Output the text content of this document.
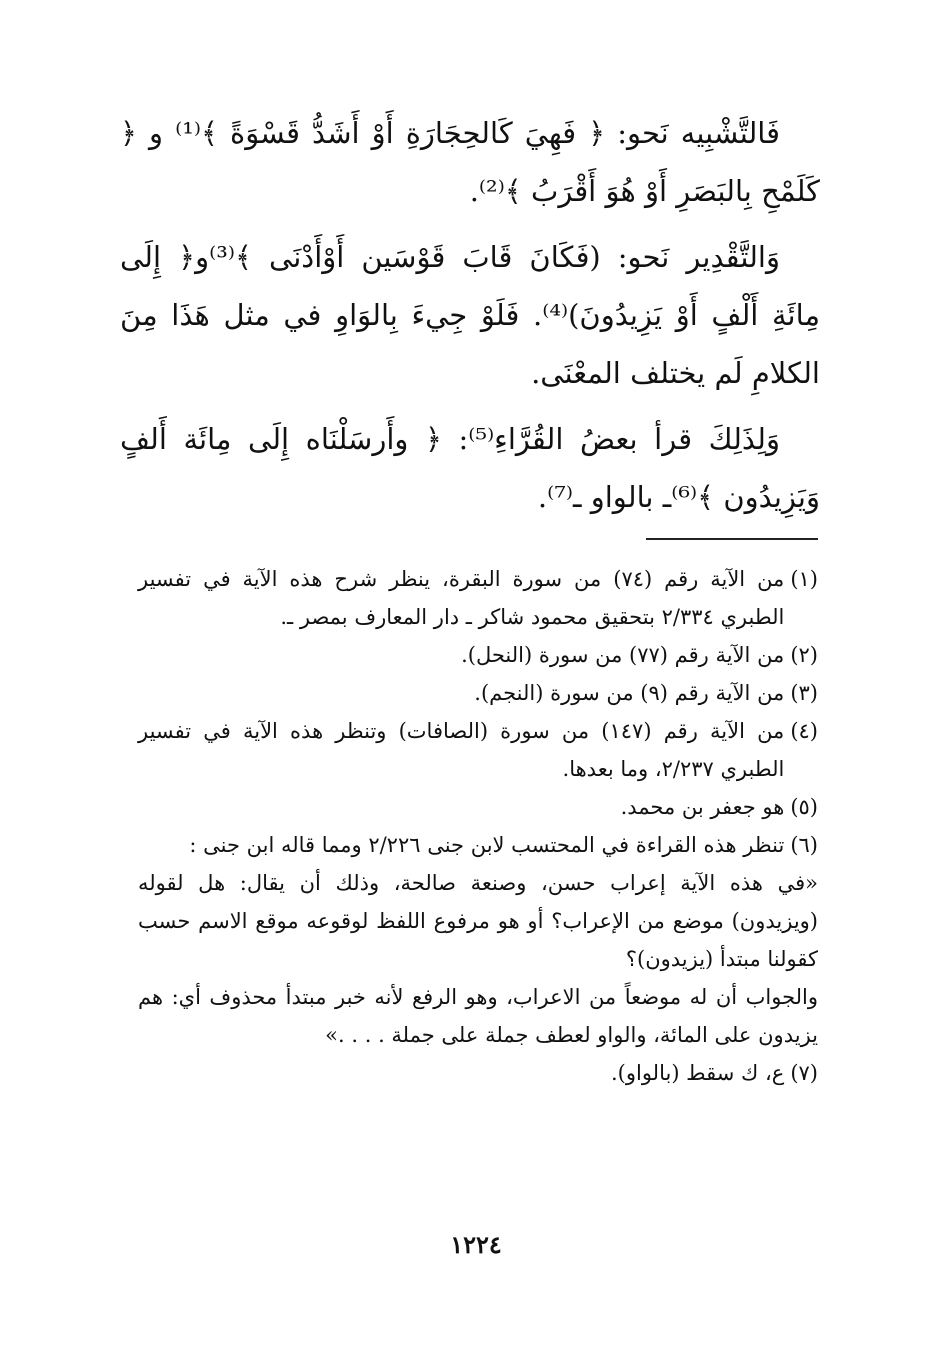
فَالتَّشْبِيه نَحو: ﴿ فَهِيَ كَالحِجَارَةِ أَوْ أَشَدُّ قَسْوَةً ﴾⁽¹⁾ و ﴿ كَلَمْحِ بِالبَصَرِ أَوْ هُوَ أَقْرَبُ ﴾⁽²⁾.

وَالتَّقْدِير نَحو: (فَكَانَ قَابَ قَوْسَين أَوْأَدْنَى ﴾⁽³⁾و﴿ إِلَى مِائَةِ أَلْفٍ أَوْ يَزِيدُونَ)⁽⁴⁾. فَلَوْ جِيءَ بِالوَاوِ في مثل هَذَا مِنَ الكلامِ لَم يختلف المعْنَى.

وَلِذَلِكَ قرأ بعضُ القُرَّاءِ⁽⁵⁾: ﴿ وأَرسَلْنَاه إِلَى مِائَة أَلفٍ وَيَزِيدُون ﴾⁽⁶⁾ـ بالواو ـ⁽⁷⁾.

(١)
من الآية رقم (٧٤) من سورة البقرة، ينظر شرح هذه الآية في تفسير الطبري ٢/٣٣٤ بتحقيق محمود شاكر ـ دار المعارف بمصر ـ.
(٢)
من الآية رقم (٧٧) من سورة (النحل).
(٣)
من الآية رقم (٩) من سورة (النجم).
(٤)
من الآية رقم (١٤٧) من سورة (الصافات) وتنظر هذه الآية في تفسير الطبري ٢/٢٣٧، وما بعدها.
(٥)
هو جعفر بن محمد.
(٦)
تنظر هذه القراءة في المحتسب لابن جنى ٢/٢٢٦ ومما قاله ابن جنى :
«في هذه الآية إعراب حسن، وصنعة صالحة، وذلك أن يقال: هل لقوله (ويزيدون) موضع من الإعراب؟ أو هو مرفوع اللفظ لوقوعه موقع الاسم حسب كقولنا مبتدأ (يزيدون)؟
والجواب أن له موضعاً من الاعراب، وهو الرفع لأنه خبر مبتدأ محذوف أي: هم يزيدون على المائة، والواو لعطف جملة على جملة . . . .»
(٧)
ع، ك سقط (بالواو).
١٢٢٤
